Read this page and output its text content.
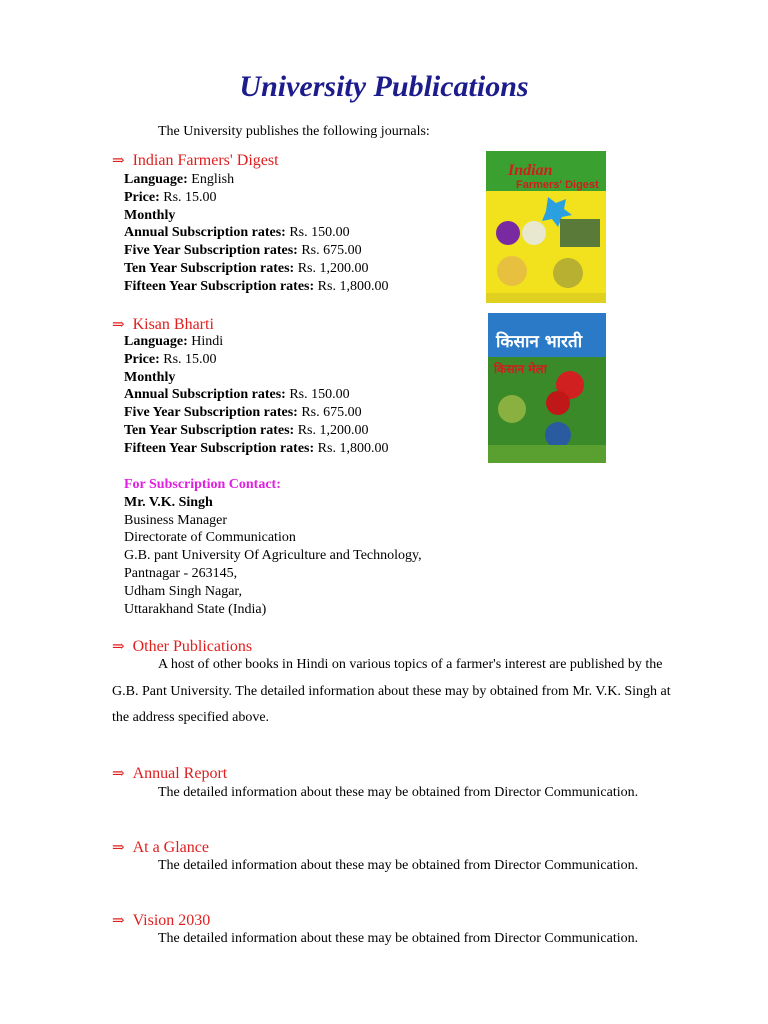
University Publications
The University publishes the following journals:
⇒ Indian Farmers' Digest
Language: English
Price: Rs. 15.00
Monthly
Annual Subscription rates: Rs. 150.00
Five Year Subscription rates: Rs. 675.00
Ten Year Subscription rates: Rs. 1,200.00
Fifteen Year Subscription rates: Rs. 1,800.00
Indian
Farmers' Digest
⇒ Kisan Bharti
Language: Hindi
Price: Rs. 15.00
Monthly
Annual Subscription rates: Rs. 150.00
Five Year Subscription rates: Rs. 675.00
Ten Year Subscription rates: Rs. 1,200.00
Fifteen Year Subscription rates: Rs. 1,800.00
किसान भारती
किसान मेला
For Subscription Contact:
Mr. V.K. Singh
Business Manager
Directorate of Communication
G.B. pant University Of Agriculture and Technology,
Pantnagar - 263145,
Udham Singh Nagar,
Uttarakhand State (India)
⇒ Other Publications
A host of other books in Hindi on various topics of a farmer's interest are published by the G.B. Pant University. The detailed information about these may by obtained from Mr. V.K. Singh at the address specified above.
⇒ Annual Report
The detailed information about these may be obtained from Director Communication.
⇒ At a Glance
The detailed information about these may be obtained from Director Communication.
⇒ Vision 2030
The detailed information about these may be obtained from Director Communication.
